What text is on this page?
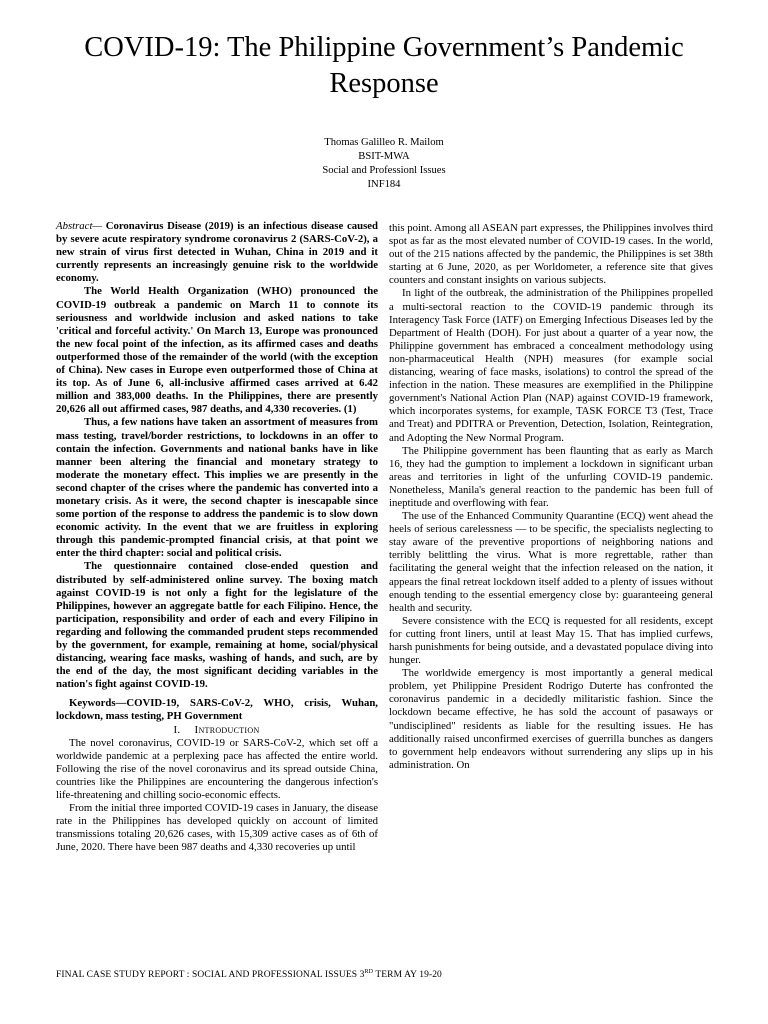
COVID-19: The Philippine Government’s Pandemic Response
Thomas Galilleo R. Mailom
BSIT-MWA
Social and Professionl Issues
INF184

Abstract— Coronavirus Disease (2019) is an infectious disease caused by severe acute respiratory syndrome coronavirus 2 (SARS-CoV-2), a new strain of virus first detected in Wuhan, China in 2019 and it currently represents an increasingly genuine risk to the worldwide economy.

The World Health Organization (WHO) pronounced the COVID-19 outbreak a pandemic on March 11 to connote its seriousness and worldwide inclusion and asked nations to take 'critical and forceful activity.' On March 13, Europe was pronounced the new focal point of the infection, as its affirmed cases and deaths outperformed those of the remainder of the world (with the exception of China). New cases in Europe even outperformed those of China at its top. As of June 6, all-inclusive affirmed cases arrived at 6.42 million and 383,000 deaths. In the Philippines, there are presently 20,626 all out affirmed cases, 987 deaths, and 4,330 recoveries. (1)

Thus, a few nations have taken an assortment of measures from mass testing, travel/border restrictions, to lockdowns in an offer to contain the infection. Governments and national banks have in like manner been altering the financial and monetary strategy to moderate the monetary effect. This implies we are presently in the second chapter of the crises where the pandemic has converted into a monetary crisis. As it were, the second chapter is inescapable since some portion of the response to address the pandemic is to slow down economic activity. In the event that we are fruitless in exploring through this pandemic-prompted financial crisis, at that point we enter the third chapter: social and political crisis.

The questionnaire contained close-ended question and distributed by self-administered online survey. The boxing match against COVID-19 is not only a fight for the legislature of the Philippines, however an aggregate battle for each Filipino. Hence, the participation, responsibility and order of each and every Filipino in regarding and following the commanded prudent steps recommended by the government, for example, remaining at home, social/physical distancing, wearing face masks, washing of hands, and such, are by the end of the day, the most significant deciding variables in the nation's fight against COVID-19.

Keywords—COVID-19, SARS-CoV-2, WHO, crisis, Wuhan, lockdown, mass testing, PH Government

I. Introduction

The novel coronavirus, COVID-19 or SARS-CoV-2, which set off a worldwide pandemic at a perplexing pace has affected the entire world. Following the rise of the novel coronavirus and its spread outside China, countries like the Philippines are encountering the dangerous infection's life-threatening and chilling socio-economic effects.

From the initial three imported COVID-19 cases in January, the disease rate in the Philippines has developed quickly on account of limited transmissions totaling 20,626 cases, with 15,309 active cases as of 6th of June, 2020. There have been 987 deaths and 4,330 recoveries up until

this point. Among all ASEAN part expresses, the Philippines involves third spot as far as the most elevated number of COVID-19 cases. In the world, out of the 215 nations affected by the pandemic, the Philippines is set 38th starting at 6 June, 2020, as per Worldometer, a reference site that gives counters and constant insights on various subjects.

In light of the outbreak, the administration of the Philippines propelled a multi-sectoral reaction to the COVID-19 pandemic through its Interagency Task Force (IATF) on Emerging Infectious Diseases led by the Department of Health (DOH). For just about a quarter of a year now, the Philippine government has embraced a concealment methodology using non-pharmaceutical Health (NPH) measures (for example social distancing, wearing of face masks, isolations) to control the spread of the infection in the nation. These measures are exemplified in the Philippine government's National Action Plan (NAP) against COVID-19 framework, which incorporates systems, for example, TASK FORCE T3 (Test, Trace and Treat) and PDITRA or Prevention, Detection, Isolation, Reintegration, and Adopting the New Normal Program.

The Philippine government has been flaunting that as early as March 16, they had the gumption to implement a lockdown in significant urban areas and territories in light of the unfurling COVID-19 pandemic. Nonetheless, Manila's general reaction to the pandemic has been full of ineptitude and overflowing with fear.

The use of the Enhanced Community Quarantine (ECQ) went ahead the heels of serious carelessness — to be specific, the specialists neglecting to stay aware of the preventive proportions of neighboring nations and terribly belittling the virus. What is more regrettable, rather than facilitating the general weight that the infection released on the nation, it appears the final retreat lockdown itself added to a plenty of issues without enough tending to the essential emergency close by: guaranteeing general health and security.

Severe consistence with the ECQ is requested for all residents, except for cutting front liners, until at least May 15. That has implied curfews, harsh punishments for being outside, and a devastated populace diving into hunger.

The worldwide emergency is most importantly a general medical problem, yet Philippine President Rodrigo Duterte has confronted the coronavirus pandemic in a decidedly militaristic fashion. Since the lockdown became effective, he has sold the account of pasaways or "undisciplined" residents as liable for the resulting issues. He has additionally raised unconfirmed exercises of guerrilla bunches as dangers to government help endeavors without surrendering any slips up in his administration. On

FINAL CASE STUDY REPORT : SOCIAL AND PROFESSIONAL ISSUES 3RD TERM AY 19-20
